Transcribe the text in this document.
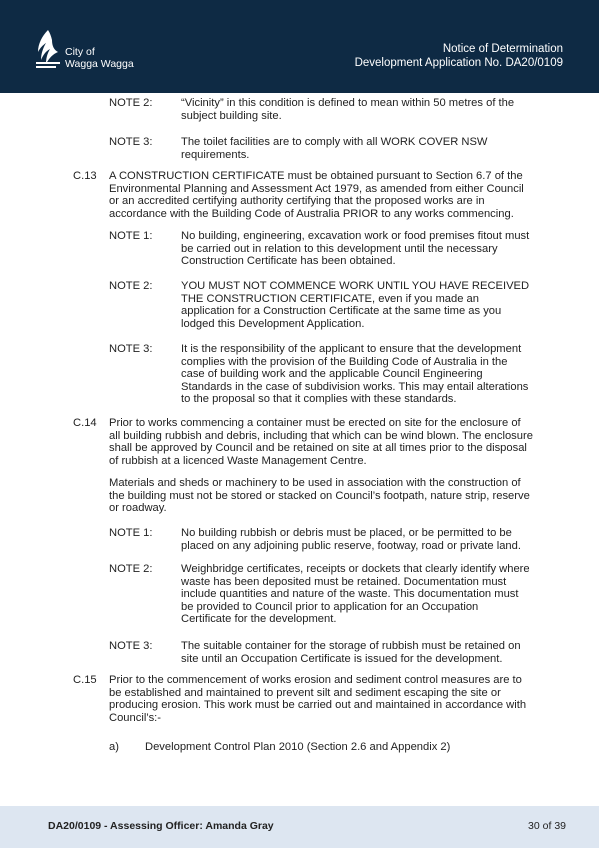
City of
Wagga Wagga
Notice of Determination
Development Application No. DA20/0109
NOTE 2:	“Vicinity” in this condition is defined to mean within 50 metres of the subject building site.
NOTE 3:	The toilet facilities are to comply with all WORK COVER NSW requirements.
C.13 A CONSTRUCTION CERTIFICATE must be obtained pursuant to Section 6.7 of the Environmental Planning and Assessment Act 1979, as amended from either Council or an accredited certifying authority certifying that the proposed works are in accordance with the Building Code of Australia PRIOR to any works commencing.
NOTE 1:	No building, engineering, excavation work or food premises fitout must be carried out in relation to this development until the necessary Construction Certificate has been obtained.
NOTE 2:	YOU MUST NOT COMMENCE WORK UNTIL YOU HAVE RECEIVED THE CONSTRUCTION CERTIFICATE, even if you made an application for a Construction Certificate at the same time as you lodged this Development Application.
NOTE 3:	It is the responsibility of the applicant to ensure that the development complies with the provision of the Building Code of Australia in the case of building work and the applicable Council Engineering Standards in the case of subdivision works. This may entail alterations to the proposal so that it complies with these standards.
C.14 Prior to works commencing a container must be erected on site for the enclosure of all building rubbish and debris, including that which can be wind blown. The enclosure shall be approved by Council and be retained on site at all times prior to the disposal of rubbish at a licenced Waste Management Centre.
Materials and sheds or machinery to be used in association with the construction of the building must not be stored or stacked on Council’s footpath, nature strip, reserve or roadway.
NOTE 1:	No building rubbish or debris must be placed, or be permitted to be placed on any adjoining public reserve, footway, road or private land.
NOTE 2:	Weighbridge certificates, receipts or dockets that clearly identify where waste has been deposited must be retained. Documentation must include quantities and nature of the waste. This documentation must be provided to Council prior to application for an Occupation Certificate for the development.
NOTE 3:	The suitable container for the storage of rubbish must be retained on site until an Occupation Certificate is issued for the development.
C.15 Prior to the commencement of works erosion and sediment control measures are to be established and maintained to prevent silt and sediment escaping the site or producing erosion. This work must be carried out and maintained in accordance with Council’s:-
a) Development Control Plan 2010 (Section 2.6 and Appendix 2)
DA20/0109 - Assessing Officer: Amanda Gray	30 of 39
